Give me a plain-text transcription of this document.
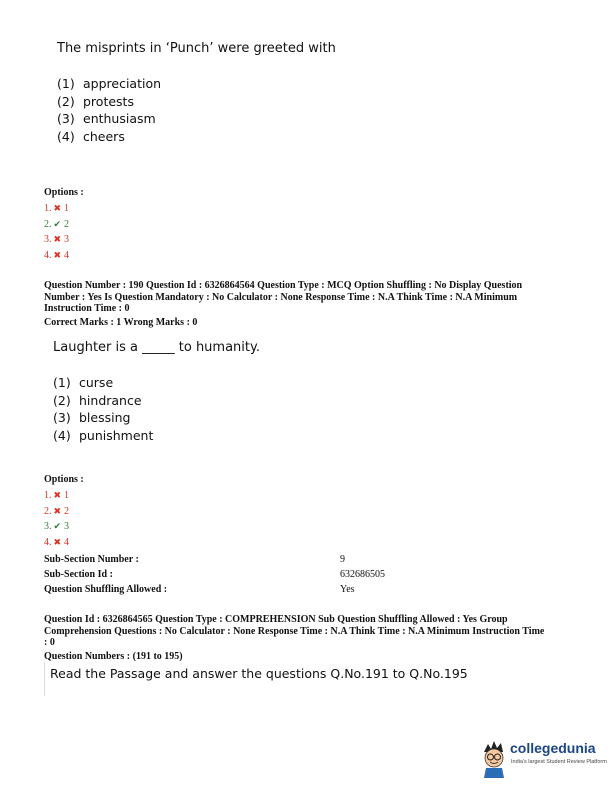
The misprints in ‘Punch’ were greeted with
(1) appreciation
(2) protests
(3) enthusiasm
(4) cheers
Options :
1. ✖ 1
2. ✔ 2
3. ✖ 3
4. ✖ 4
Question Number : 190 Question Id : 6326864564 Question Type : MCQ Option Shuffling : No Display Question
Number : Yes Is Question Mandatory : No Calculator : None Response Time : N.A Think Time : N.A Minimum
Instruction Time : 0
Correct Marks : 1 Wrong Marks : 0
Laughter is a _____ to humanity.
(1) curse
(2) hindrance
(3) blessing
(4) punishment
Options :
1. ✖ 1
2. ✖ 2
3. ✔ 3
4. ✖ 4
Sub-Section Number :	9
Sub-Section Id :	632686505
Question Shuffling Allowed :	Yes
Question Id : 6326864565 Question Type : COMPREHENSION Sub Question Shuffling Allowed : Yes Group
Comprehension Questions : No Calculator : None Response Time : N.A Think Time : N.A Minimum Instruction Time
: 0
Question Numbers : (191 to 195)
Read the Passage and answer the questions Q.No.191 to Q.No.195
collegedunia
India's largest Student Review Platform
